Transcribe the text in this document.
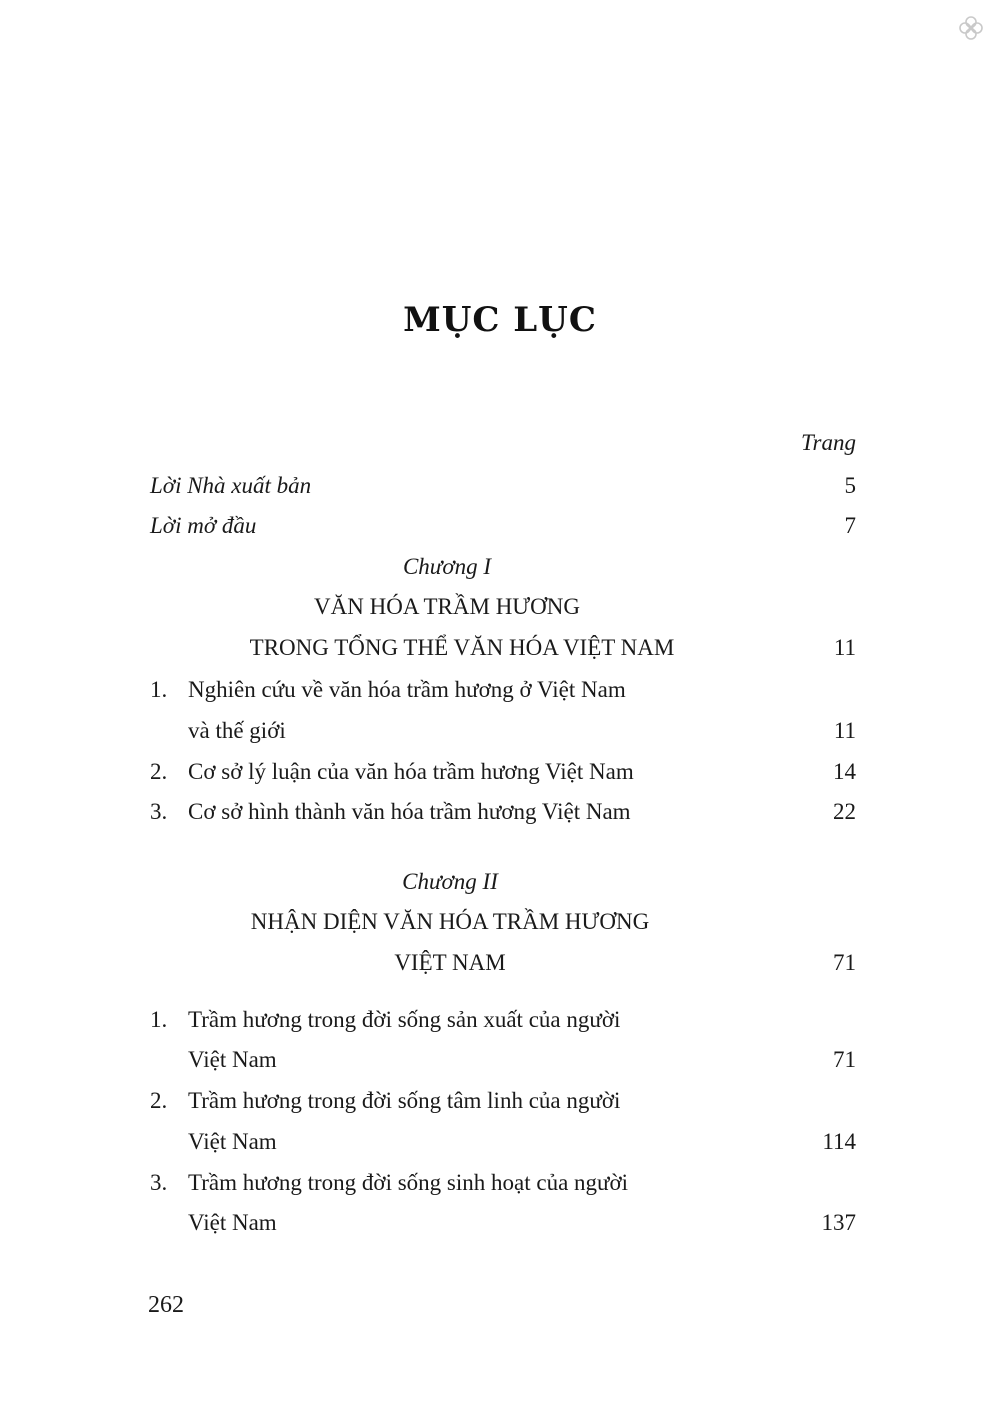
MỤC LỤC
Trang
Lời Nhà xuất bản	5
Lời mở đầu	7
Chương I
VĂN HÓA TRẦM HƯƠNG
TRONG TỔNG THỂ VĂN HÓA VIỆT NAM	11
1. Nghiên cứu về văn hóa trầm hương ở Việt Nam
và thế giới	11
2. Cơ sở lý luận của văn hóa trầm hương Việt Nam	14
3. Cơ sở hình thành văn hóa trầm hương Việt Nam	22
Chương II
NHẬN DIỆN VĂN HÓA TRẦM HƯƠNG
VIỆT NAM	71
1. Trầm hương trong đời sống sản xuất của người
Việt Nam	71
2. Trầm hương trong đời sống tâm linh của người
Việt Nam	114
3. Trầm hương trong đời sống sinh hoạt của người
Việt Nam	137
262
